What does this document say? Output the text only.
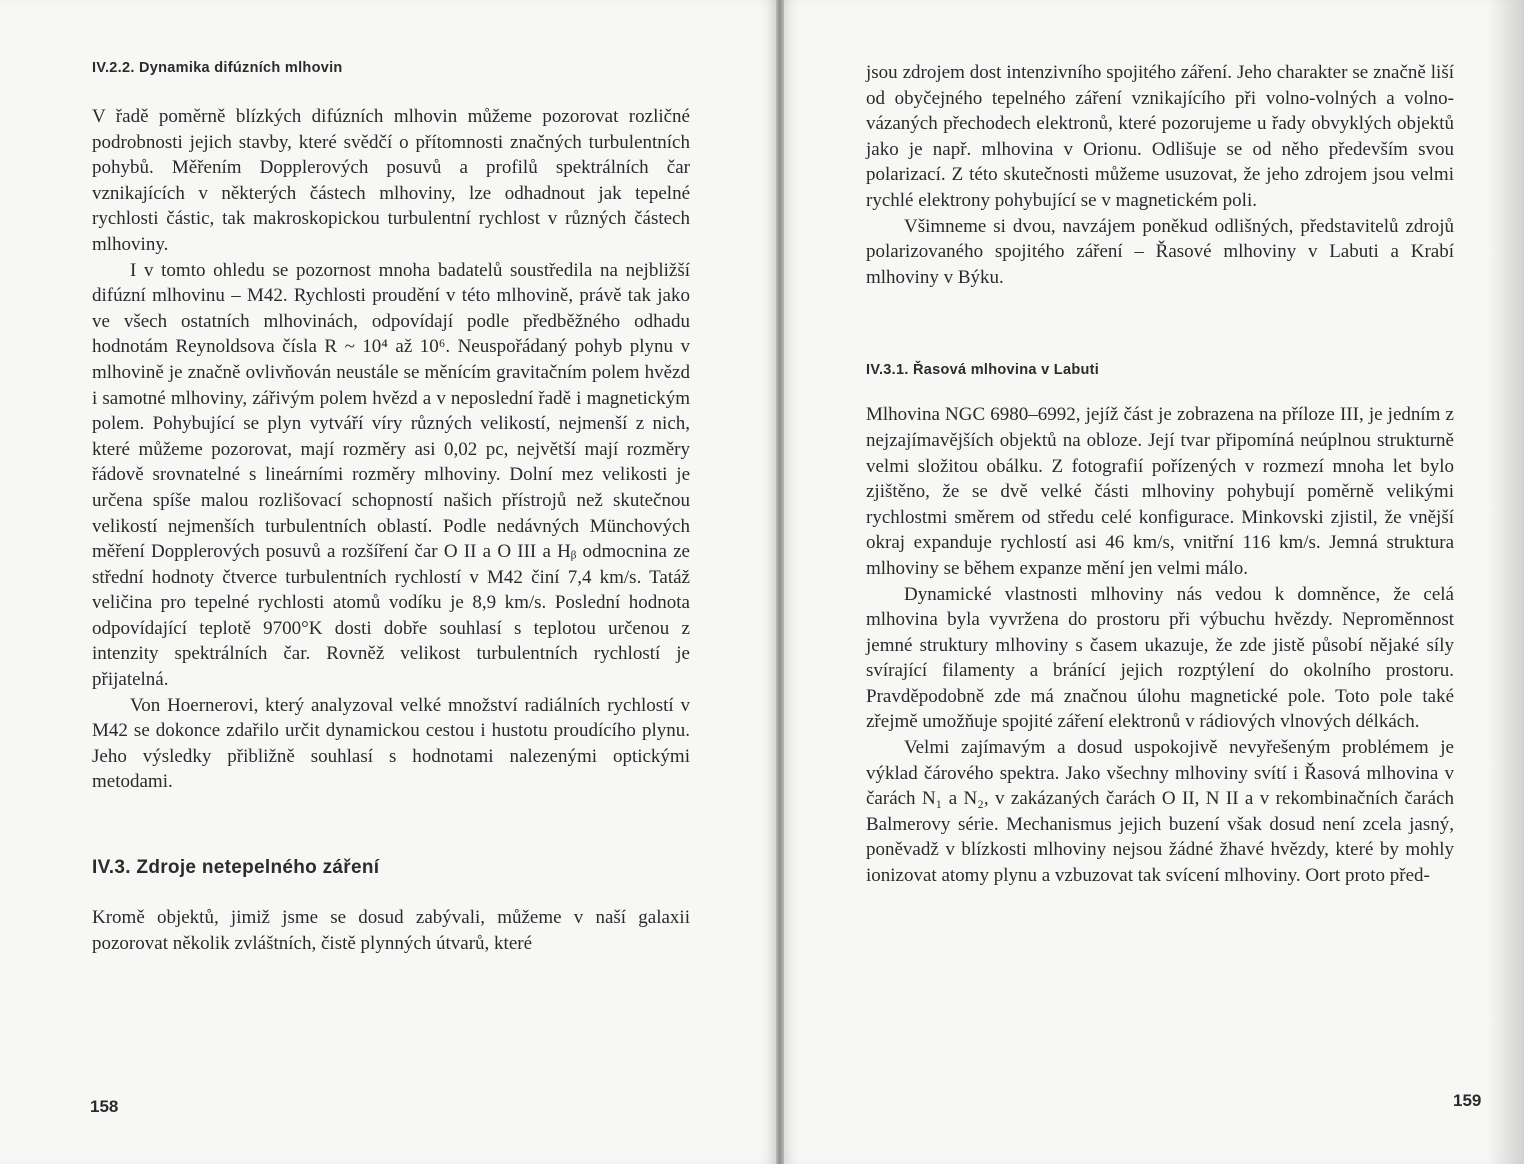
IV.2.2. Dynamika difúzních mlhovin

V řadě poměrně blízkých difúzních mlhovin můžeme pozorovat rozličné podrobnosti jejich stavby, které svědčí o přítomnosti značných turbulentních pohybů. Měřením Dopplerových posuvů a profilů spektrálních čar vznikajících v některých částech mlhoviny, lze odhadnout jak tepelné rychlosti částic, tak makroskopickou turbulentní rychlost v různých částech mlhoviny.

I v tomto ohledu se pozornost mnoha badatelů soustředila na nejbližší difúzní mlhovinu – M42. Rychlosti proudění v této mlhovině, právě tak jako ve všech ostatních mlhovinách, odpovídají podle předběžného odhadu hodnotám Reynoldsova čísla R ~ 10⁴ až 10⁶. Neuspořádaný pohyb plynu v mlhovině je značně ovlivňován neustále se měnícím gravitačním polem hvězd i samotné mlhoviny, zářivým polem hvězd a v neposlední řadě i magnetickým polem. Pohybující se plyn vytváří víry různých velikostí, nejmenší z nich, které můžeme pozorovat, mají rozměry asi 0,02 pc, největší mají rozměry řádově srovnatelné s lineárními rozměry mlhoviny. Dolní mez velikosti je určena spíše malou rozlišovací schopností našich přístrojů než skutečnou velikostí nejmenších turbulentních oblastí. Podle nedávných Münchových měření Dopplerových posuvů a rozšíření čar O II a O III a Hᵦ odmocnina ze střední hodnoty čtverce turbulentních rychlostí v M42 činí 7,4 km/s. Tatáž veličina pro tepelné rychlosti atomů vodíku je 8,9 km/s. Poslední hodnota odpovídající teplotě 9700°K dosti dobře souhlasí s teplotou určenou z intenzity spektrálních čar. Rovněž velikost turbulentních rychlostí je přijatelná.

Von Hoernerovi, který analyzoval velké množství radiálních rychlostí v M42 se dokonce zdařilo určit dynamickou cestou i hustotu proudícího plynu. Jeho výsledky přibližně souhlasí s hodnotami nalezenými optickými metodami.

IV.3. Zdroje netepelného záření

Kromě objektů, jimiž jsme se dosud zabývali, můžeme v naší galaxii pozorovat několik zvláštních, čistě plynných útvarů, které

158

jsou zdrojem dost intenzivního spojitého záření. Jeho charakter se značně liší od obyčejného tepelného záření vznikajícího při volno-volných a volno-vázaných přechodech elektronů, které pozorujeme u řady obvyklých objektů jako je např. mlhovina v Orionu. Odlišuje se od něho především svou polarizací. Z této skutečnosti můžeme usuzovat, že jeho zdrojem jsou velmi rychlé elektrony pohybující se v magnetickém poli.

Všimneme si dvou, navzájem poněkud odlišných, představitelů zdrojů polarizovaného spojitého záření – Řasové mlhoviny v Labuti a Krabí mlhoviny v Býku.

IV.3.1. Řasová mlhovina v Labuti

Mlhovina NGC 6980–6992, jejíž část je zobrazena na příloze III, je jedním z nejzajímavějších objektů na obloze. Její tvar připomíná neúplnou strukturně velmi složitou obálku. Z fotografií pořízených v rozmezí mnoha let bylo zjištěno, že se dvě velké části mlhoviny pohybují poměrně velikými rychlostmi směrem od středu celé konfigurace. Minkovski zjistil, že vnější okraj expanduje rychlostí asi 46 km/s, vnitřní 116 km/s. Jemná struktura mlhoviny se během expanze mění jen velmi málo.

Dynamické vlastnosti mlhoviny nás vedou k domněnce, že celá mlhovina byla vyvržena do prostoru při výbuchu hvězdy. Neproměnnost jemné struktury mlhoviny s časem ukazuje, že zde jistě působí nějaké síly svírající filamenty a bránící jejich rozptýlení do okolního prostoru. Pravděpodobně zde má značnou úlohu magnetické pole. Toto pole také zřejmě umožňuje spojité záření elektronů v rádiových vlnových délkách.

Velmi zajímavým a dosud uspokojivě nevyřešeným problémem je výklad čárového spektra. Jako všechny mlhoviny svítí i Řasová mlhovina v čarách N₁ a N₂, v zakázaných čarách O II, N II a v rekombinačních čarách Balmerovy série. Mechanismus jejich buzení však dosud není zcela jasný, poněvadž v blízkosti mlhoviny nejsou žádné žhavé hvězdy, které by mohly ionizovat atomy plynu a vzbuzovat tak svícení mlhoviny. Oort proto před-

159
